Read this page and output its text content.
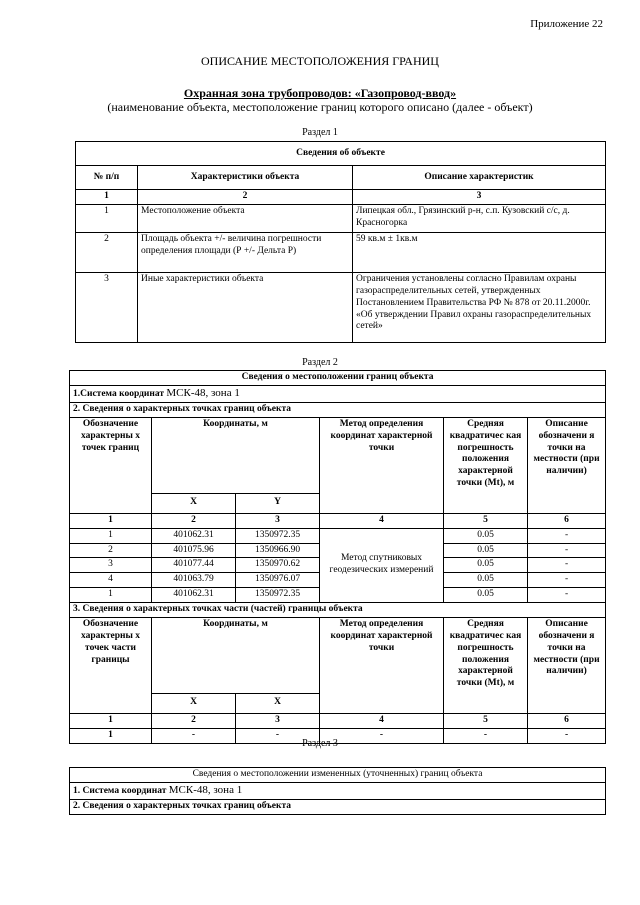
Приложение 22
ОПИСАНИЕ МЕСТОПОЛОЖЕНИЯ ГРАНИЦ
Охранная зона трубопроводов: «Газопровод-ввод»
(наименование объекта, местоположение границ которого описано (далее - объект)
Раздел 1
Сведения об объекте		
№ п/п	Характеристики объекта	Описание характеристик
1	2	3
1	Местоположение объекта	Липецкая обл., Грязинский р-н, с.п. Кузовский с/с, д. Красногорка
2	Площадь объекта +/- величина погрешности определения площади (Р +/- Дельта Р)	59 кв.м ± 1кв.м
3	Иные характеристики объекта	Ограничения установлены согласно Правилам охраны газораспределительных сетей, утвержденных Постановлением Правительства РФ № 878 от 20.11.2000г. «Об утверждении Правил охраны газораспределительных сетей»
Раздел 2
Сведения о местоположении границ объекта					
1.Система координат МСК-48, зона 1					
2. Сведения о характерных точках границ объекта					
Обозначение характерны х точек границ	Координаты, м		Метод определения координат характерной точки	Средняя квадратичес кая погрешность положения характерной точки (Mt), м	Описание обозначени я точки на местности (при наличии)
	X	Y			
1	2	3	4	5	6
1	401062.31	1350972.35	Метод спутниковых геодезических измерений	0.05	-
2	401075.96	1350966.90		0.05	-
3	401077.44	1350970.62		0.05	-
4	401063.79	1350976.07		0.05	-
1	401062.31	1350972.35		0.05	-
3. Сведения о характерных точках части (частей) границы объекта					
Обозначение характерны х точек части границы	Координаты, м		Метод определения координат характерной точки	Средняя квадратичес кая погрешность положения характерной точки (Mt), м	Описание обозначени я точки на местности (при наличии)
	X	X			
1	2	3	4	5	6
1	-	-	-	-	-
Раздел 3
Сведения о местоположении измененных (уточненных) границ объекта
1. Система координат МСК-48, зона 1
2. Сведения о характерных точках границ объекта
